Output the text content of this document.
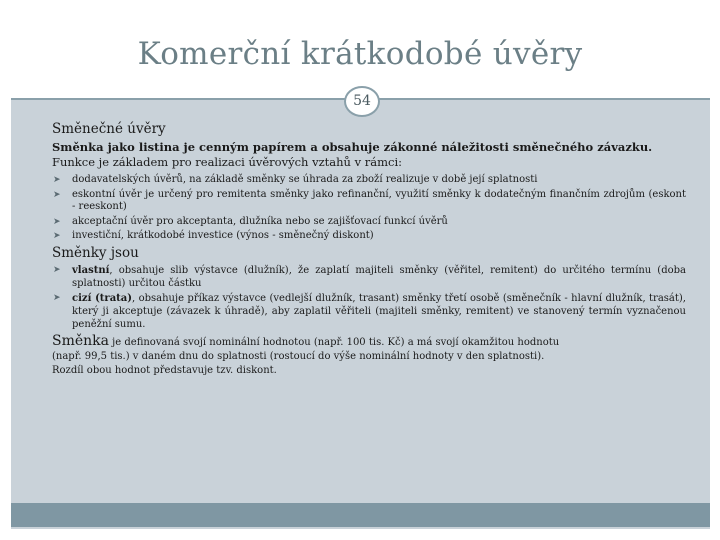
Komerční krátkodobé úvěry
54
Směnečné úvěry

Směnka jako listina je cenným papírem a obsahuje zákonné náležitosti směnečného závazku. Funkce je základem pro realizaci úvěrových vztahů v rámci:

➤ dodavatelských úvěrů, na základě směnky se úhrada za zboží realizuje v době její splatnosti
➤ eskontní úvěr je určený pro remitenta směnky jako refinanční, využití směnky k dodatečným finančním zdrojům (eskont - reeskont)
➤ akceptační úvěr pro akceptanta, dlužníka nebo se zajišťovací funkcí úvěrů
➤ investiční, krátkodobé investice (výnos - směnečný diskont)
Směnky jsou
➤ vlastní, obsahuje slib výstavce (dlužník), že zaplatí majiteli směnky (věřitel, remitent) do určitého termínu (doba splatnosti) určitou částku
➤ cizí (trata), obsahuje příkaz výstavce (vedlejší dlužník, trasant) směnky třetí osobě (směnečník - hlavní dlužník, trasát), který ji akceptuje (závazek k úhradě), aby zaplatil věřiteli (majiteli směnky, remitent) ve stanovený termín vyznačenou peněžní sumu.

Směnka je definovaná svojí nominální hodnotou (např. 100 tis. Kč) a má svojí okamžitou hodnotu

(např. 99,5 tis.) v daném dnu do splatnosti (rostoucí do výše nominální hodnoty v den splatnosti).

Rozdíl obou hodnot představuje tzv. diskont.
